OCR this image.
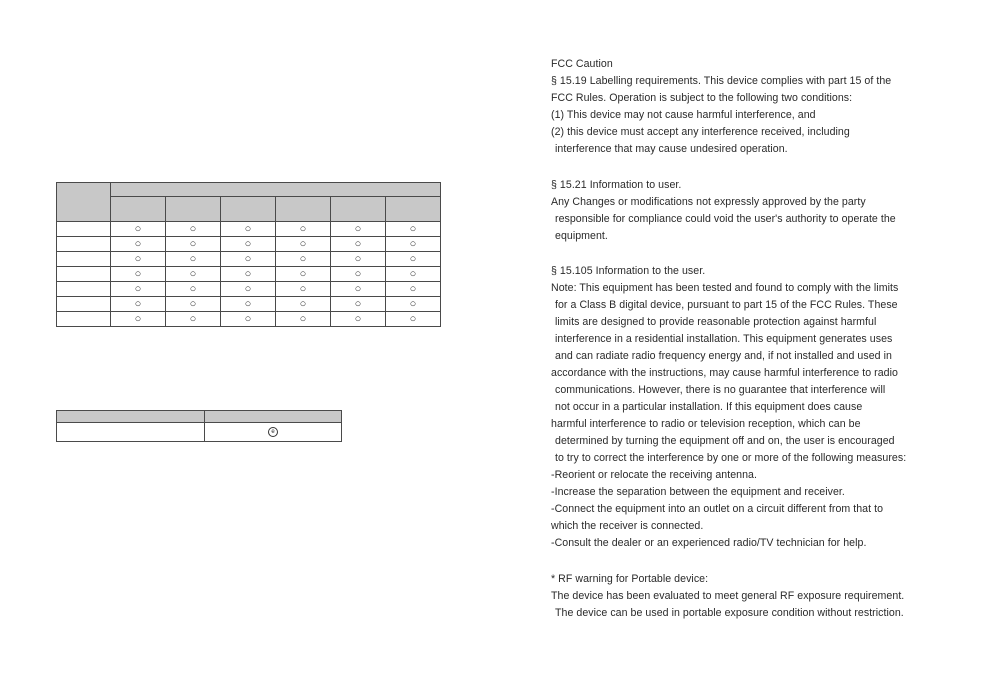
	○	○	○	○	○	○
	○	○	○	○	○	○
	○	○	○	○	○	○
	○	○	○	○	○	○
	○	○	○	○	○	○
	○	○	○	○	○	○
	○	○	○	○	○	○

	e
FCC Caution
§ 15.19 Labelling requirements. This device complies with part 15 of the
FCC Rules. Operation is subject to the following two conditions:
(1) This device may not cause harmful interference, and
(2) this device must accept any interference received, including
interference that may cause undesired operation.
§ 15.21 Information to user.
Any Changes or modifications not expressly approved by the party
responsible for compliance could void the user's authority to operate the
equipment.
§ 15.105 Information to the user.
Note: This equipment has been tested and found to comply with the limits
for a Class B digital device, pursuant to part 15 of the FCC Rules. These
limits are designed to provide reasonable protection against harmful
interference in a residential installation. This equipment generates uses
and can radiate radio frequency energy and, if not installed and used in
accordance with the instructions, may cause harmful interference to radio
communications. However, there is no guarantee that interference will
not occur in a particular installation. If this equipment does cause
harmful interference to radio or television reception, which can be
determined by turning the equipment off and on, the user is encouraged
to try to correct the interference by one or more of the following measures:
-Reorient or relocate the receiving antenna.
-Increase the separation between the equipment and receiver.
-Connect the equipment into an outlet on a circuit different from that to
which the receiver is connected.
-Consult the dealer or an experienced radio/TV technician for help.
* RF warning for Portable device:
The device has been evaluated to meet general RF exposure requirement.
The device can be used in portable exposure condition without restriction.
